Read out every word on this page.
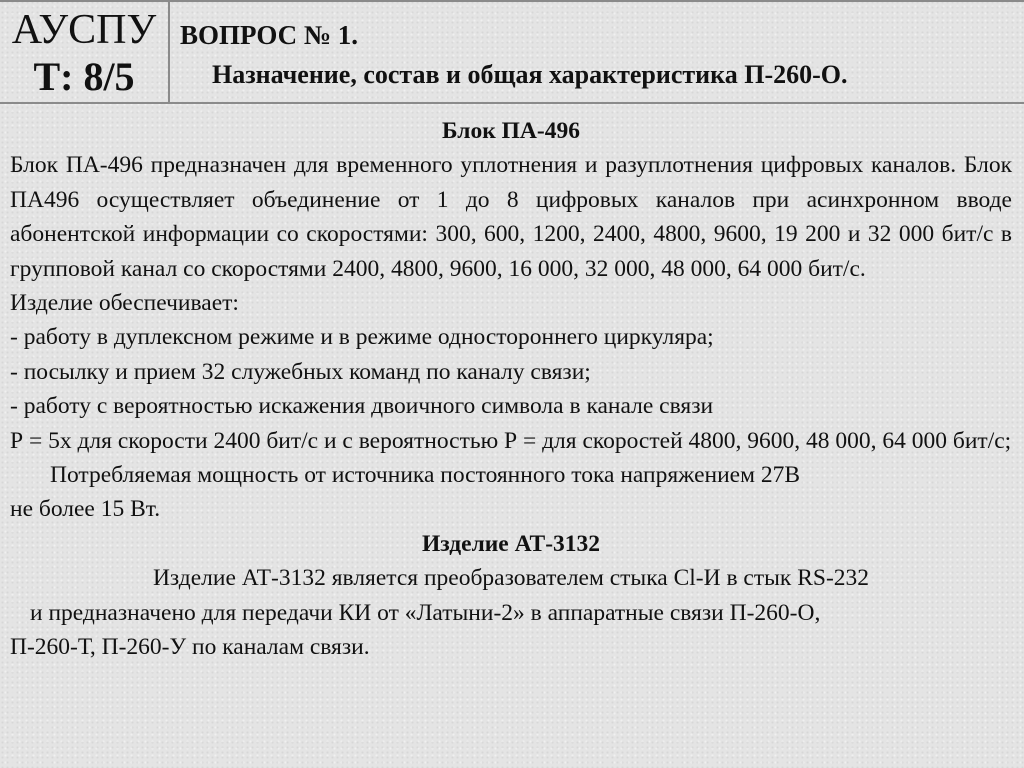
АУСПУ
Т: 8/5
ВОПРОС № 1.
Назначение, состав и общая характеристика П-260-О.

Блок ПА-496

Блок ПА-496 предназначен для временного уплотнения и разуплотнения цифровых каналов. Блок ПА496 осуществляет объединение от 1 до 8 цифровых каналов при асинхронном вводе абонентской информации со скоростями: 300, 600, 1200, 2400, 4800, 9600, 19 200 и 32 000 бит/с в групповой канал со скоростями 2400, 4800, 9600, 16 000, 32 000, 48 000, 64 000 бит/с.

Изделие обеспечивает:

- работу в дуплексном режиме и в режиме одностороннего циркуляра;

- посылку и прием 32 служебных команд по каналу связи;

- работу с вероятностью искажения двоичного символа в канале связи

Р = 5х для скорости 2400 бит/с и с вероятностью Р = для скоростей 4800, 9600, 48 000, 64 000 бит/с;

Потребляемая мощность от источника постоянного тока напряжением 27В

не более 15 Вт.

Изделие АТ-3132

Изделие АТ-3132 является преобразователем стыка Cl-И в стык RS-232

и предназначено для передачи КИ от «Латыни-2» в аппаратные связи П-260-О,

П-260-Т, П-260-У по каналам связи.
